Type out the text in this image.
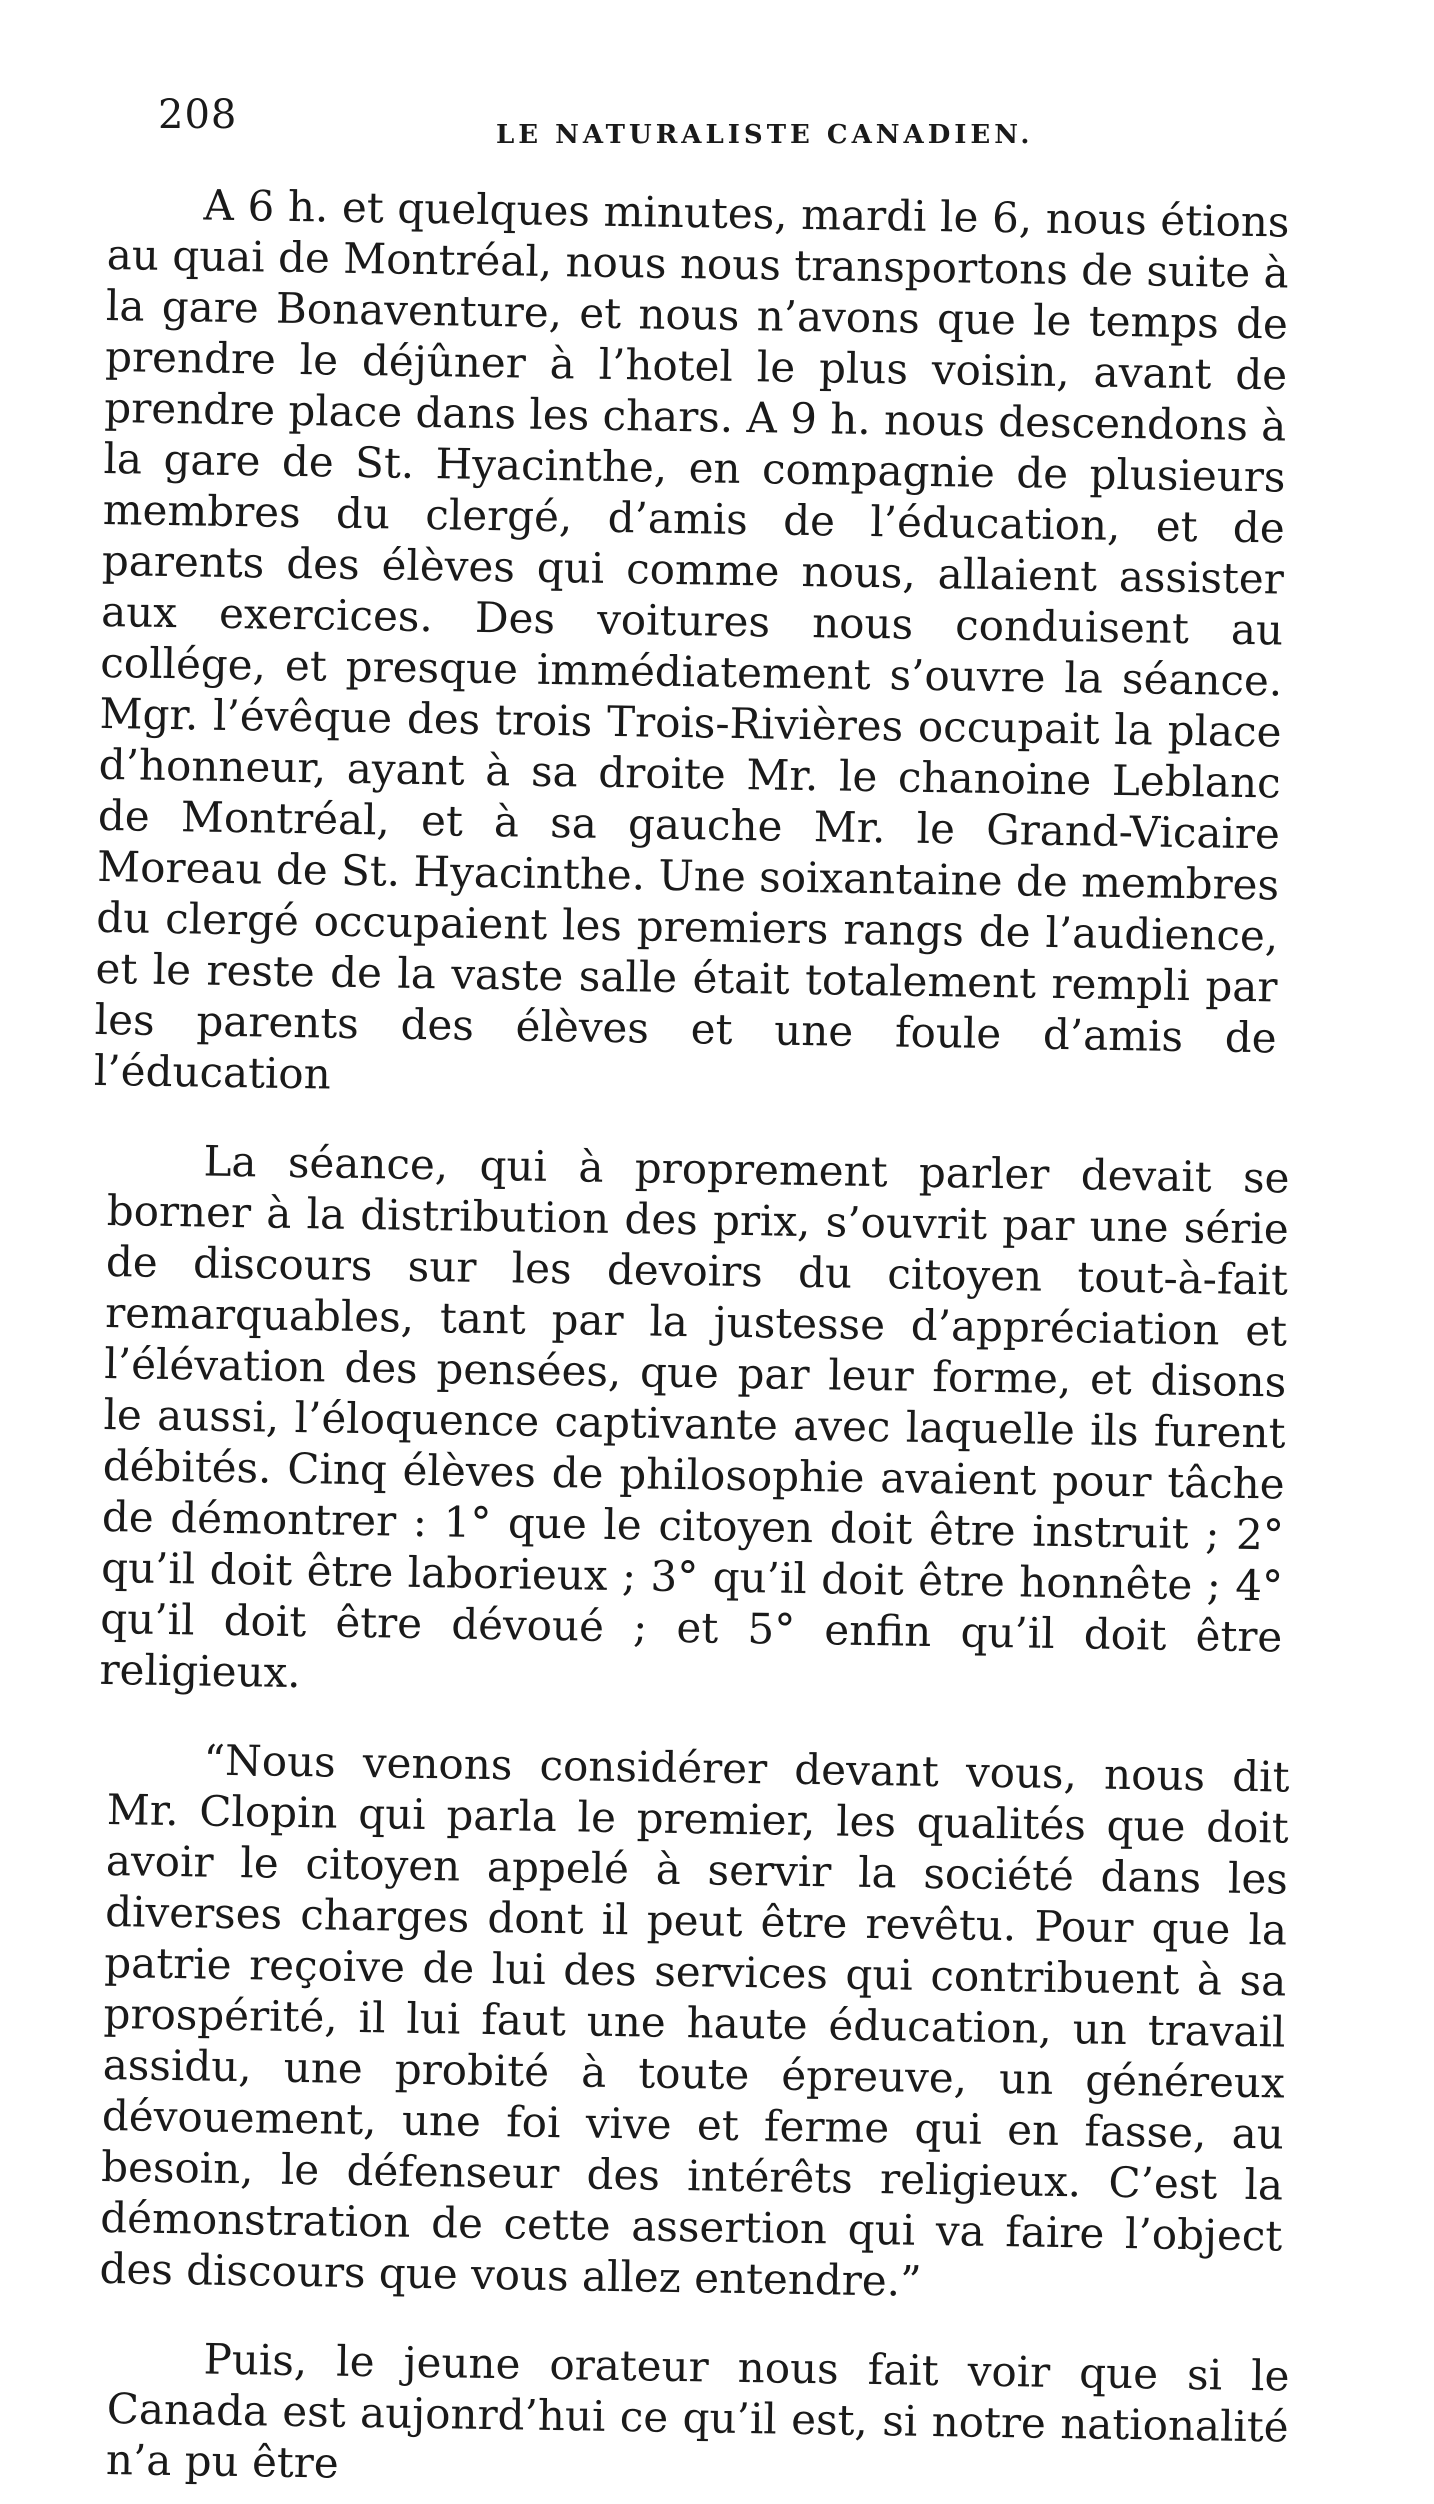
208	LE NATURALISTE CANADIEN.

A 6 h. et quelques minutes, mardi le 6, nous étions au quai de Montréal, nous nous transportons de suite à la gare Bonaventure, et nous n’avons que le temps de prendre le déjûner à l’hotel le plus voisin, avant de prendre place dans les chars. A 9 h. nous descendons à la gare de St. Hyacinthe, en compagnie de plusieurs membres du clergé, d’amis de l’éducation, et de parents des élèves qui comme nous, allaient assister aux exercices. Des voitures nous conduisent au collége, et presque immédiatement s’ouvre la séance. Mgr. l’évêque des trois Trois-Rivières occupait la place d’honneur, ayant à sa droite Mr. le chanoine Leblanc de Montréal, et à sa gauche Mr. le Grand-Vicaire Moreau de St. Hyacinthe. Une soixantaine de membres du clergé occupaient les premiers rangs de l’audience, et le reste de la vaste salle était totalement rempli par les parents des élèves et une foule d’amis de l’éducation

La séance, qui à proprement parler devait se borner à la distribution des prix, s’ouvrit par une série de discours sur les devoirs du citoyen tout-à-fait remarquables, tant par la justesse d’appréciation et l’élévation des pensées, que par leur forme, et disons le aussi, l’éloquence captivante avec laquelle ils furent débités. Cinq élèves de philosophie avaient pour tâche de démontrer : 1° que le citoyen doit être instruit ; 2° qu’il doit être laborieux ; 3° qu’il doit être honnête ; 4° qu’il doit être dévoué ; et 5° enfin qu’il doit être religieux.

“Nous venons considérer devant vous, nous dit Mr. Clopin qui parla le premier, les qualités que doit avoir le citoyen appelé à servir la société dans les diverses charges dont il peut être revêtu. Pour que la patrie reçoive de lui des services qui contribuent à sa prospérité, il lui faut une haute éducation, un travail assidu, une probité à toute épreuve, un généreux dévouement, une foi vive et ferme qui en fasse, au besoin, le défenseur des intérêts religieux. C’est la démonstration de cette assertion qui va faire l’object des discours que vous allez entendre.”

Puis, le jeune orateur nous fait voir que si le Canada est aujonrd’hui ce qu’il est, si notre nationalité n’a pu être
